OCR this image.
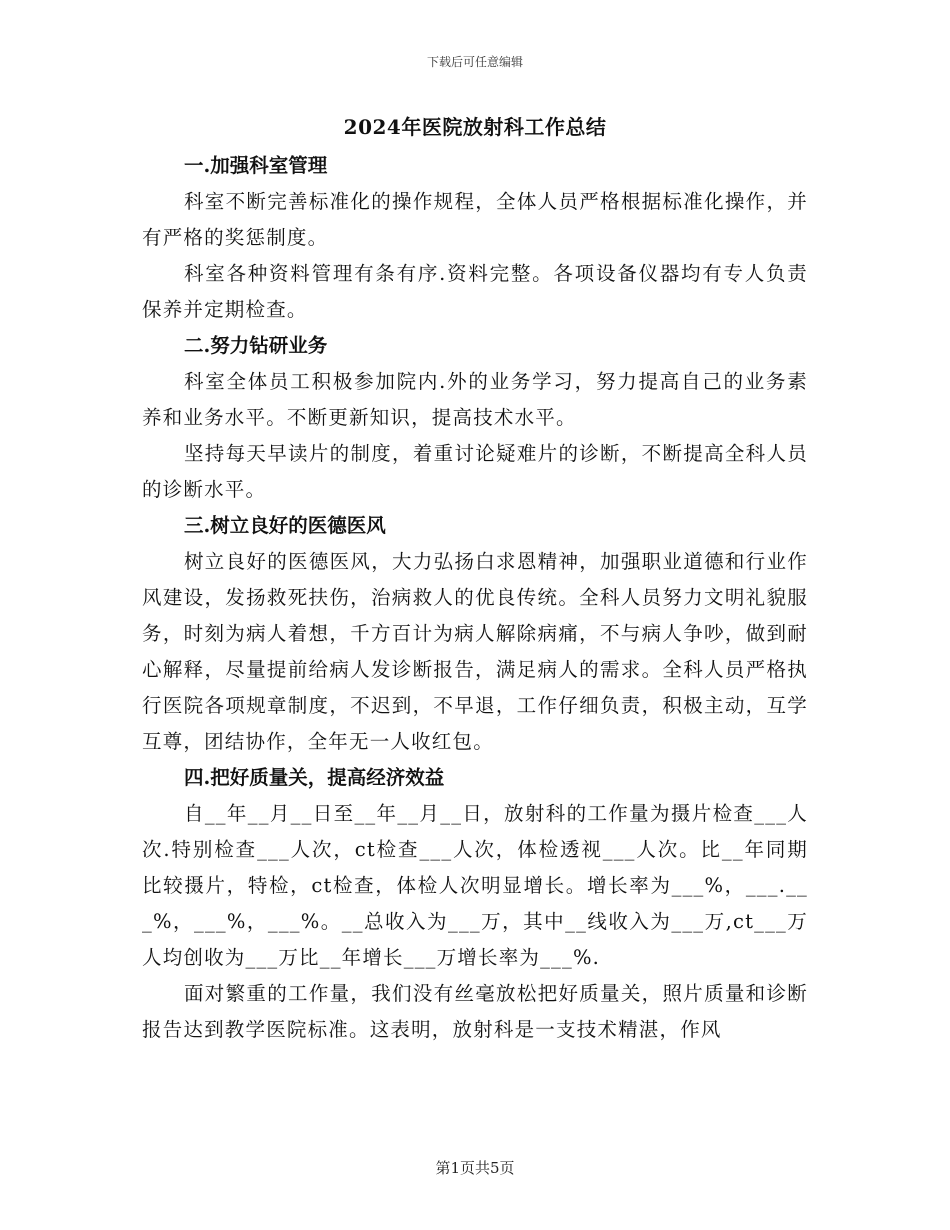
下载后可任意编辑
2024年医院放射科工作总结

一.加强科室管理

科室不断完善标准化的操作规程，全体人员严格根据标准化操作，并有严格的奖惩制度。

科室各种资料管理有条有序.资料完整。各项设备仪器均有专人负责保养并定期检查。

二.努力钻研业务

科室全体员工积极参加院内.外的业务学习，努力提高自己的业务素养和业务水平。不断更新知识，提高技术水平。

坚持每天早读片的制度，着重讨论疑难片的诊断，不断提高全科人员的诊断水平。

三.树立良好的医德医风

树立良好的医德医风，大力弘扬白求恩精神，加强职业道德和行业作风建设，发扬救死扶伤，治病救人的优良传统。全科人员努力文明礼貌服务，时刻为病人着想，千方百计为病人解除病痛，不与病人争吵，做到耐心解释，尽量提前给病人发诊断报告，满足病人的需求。全科人员严格执行医院各项规章制度，不迟到，不早退，工作仔细负责，积极主动，互学互尊，团结协作，全年无一人收红包。

四.把好质量关，提高经济效益

自__年__月__日至__年__月__日，放射科的工作量为摄片检查___人次.特别检查___人次，ct检查___人次，体检透视___人次。比__年同期比较摄片，特检，ct检查，体检人次明显增长。增长率为___%，___.___%，___%，___%。__总收入为___万，其中__线收入为___万,ct___万人均创收为___万比__年增长___万增长率为___%.

面对繁重的工作量，我们没有丝毫放松把好质量关，照片质量和诊断报告达到教学医院标准。这表明，放射科是一支技术精湛，作风

第1页共5页
